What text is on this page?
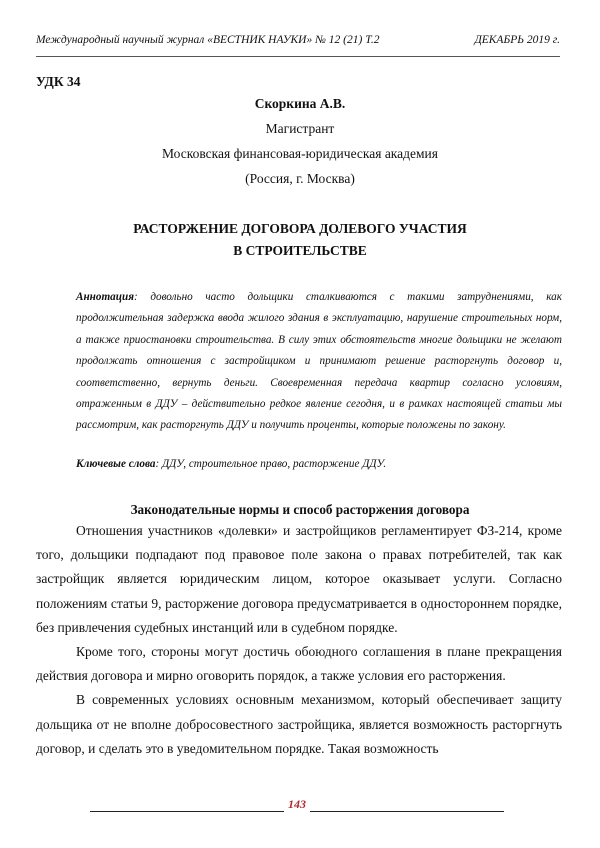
Международный научный журнал «ВЕСТНИК НАУКИ» № 12 (21) Т.2	ДЕКАБРЬ 2019 г.
УДК 34
Скоркина А.В.
Магистрант
Московская финансовая-юридическая академия
(Россия, г. Москва)
РАСТОРЖЕНИЕ ДОГОВОРА ДОЛЕВОГО УЧАСТИЯ
В СТРОИТЕЛЬСТВЕ

Аннотация: довольно часто дольщики сталкиваются с такими затруднениями, как продолжительная задержка ввода жилого здания в эксплуатацию, нарушение строительных норм, а также приостановки строительства. В силу этих обстоятельств многие дольщики не желают продолжать отношения с застройщиком и принимают решение расторгнуть договор и, соответственно, вернуть деньги. Своевременная передача квартир согласно условиям, отраженным в ДДУ – действительно редкое явление сегодня, и в рамках настоящей статьи мы рассмотрим, как расторгнуть ДДУ и получить проценты, которые положены по закону.

Ключевые слова: ДДУ, строительное право, расторжение ДДУ.

Законодательные нормы и способ расторжения договора

Отношения участников «долевки» и застройщиков регламентирует ФЗ-214, кроме того, дольщики подпадают под правовое поле закона о правах потребителей, так как застройщик является юридическим лицом, которое оказывает услуги. Согласно положениям статьи 9, расторжение договора предусматривается в одностороннем порядке, без привлечения судебных инстанций или в судебном порядке.

Кроме того, стороны могут достичь обоюдного соглашения в плане прекращения действия договора и мирно оговорить порядок, а также условия его расторжения.

В современных условиях основным механизмом, который обеспечивает защиту дольщика от не вполне добросовестного застройщика, является возможность расторгнуть договор, и сделать это в уведомительном порядке. Такая возможность

143
